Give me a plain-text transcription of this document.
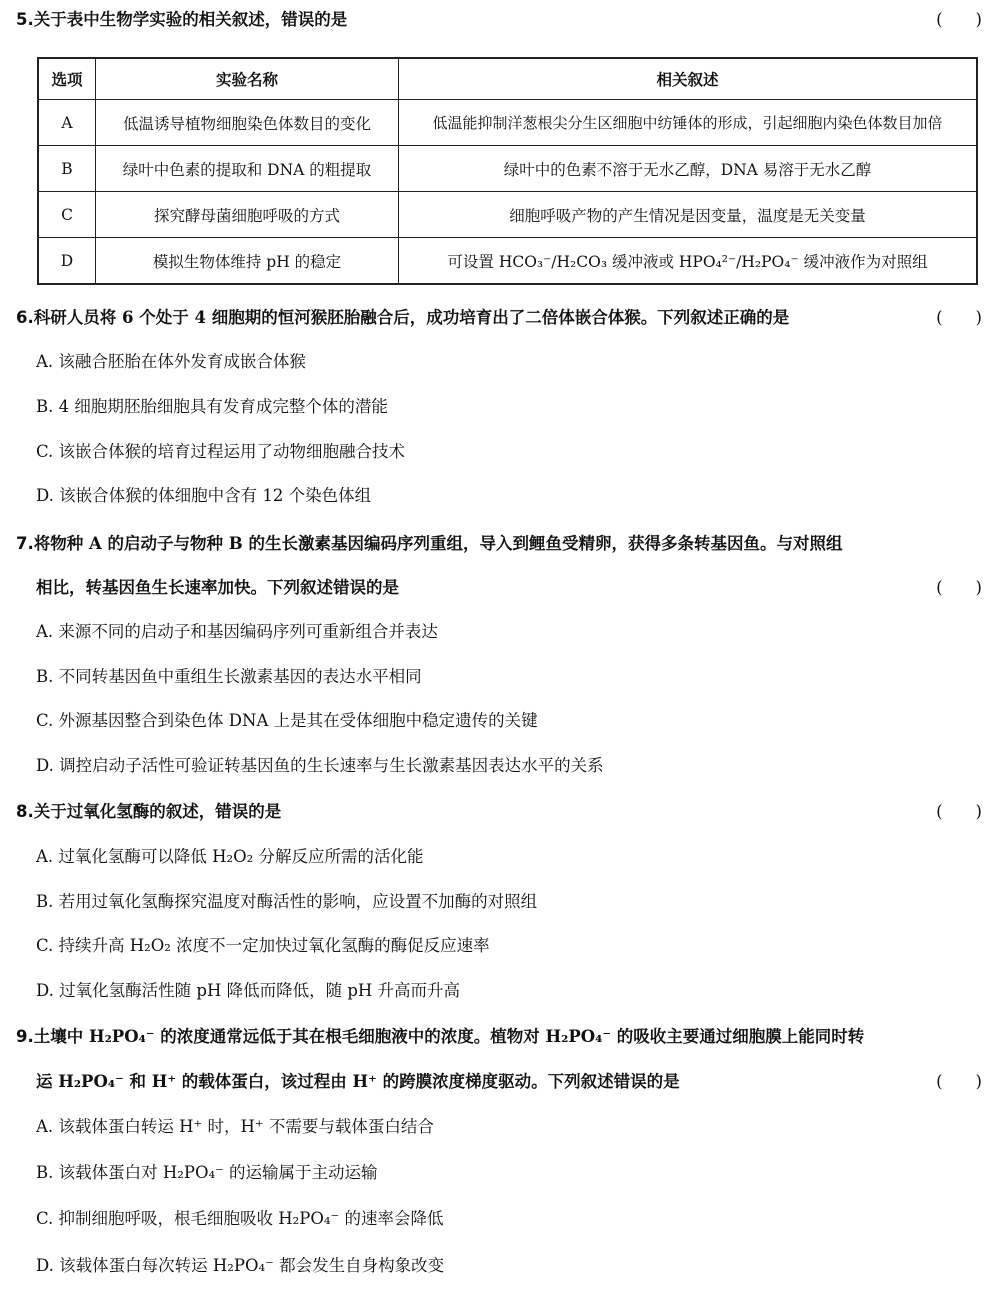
5.关于表中生物学实验的相关叙述，错误的是	(　　)
选项	实验名称	相关叙述
A	低温诱导植物细胞染色体数目的变化	低温能抑制洋葱根尖分生区细胞中纺锤体的形成，引起细胞内染色体数目加倍
B	绿叶中色素的提取和 DNA 的粗提取	绿叶中的色素不溶于无水乙醇，DNA 易溶于无水乙醇
C	探究酵母菌细胞呼吸的方式	细胞呼吸产物的产生情况是因变量，温度是无关变量
D	模拟生物体维持 pH 的稳定	可设置 HCO₃⁻/H₂CO₃ 缓冲液或 HPO₄²⁻/H₂PO₄⁻ 缓冲液作为对照组
6.科研人员将 6 个处于 4 细胞期的恒河猴胚胎融合后，成功培育出了二倍体嵌合体猴。下列叙述正确的是	(　　)
A. 该融合胚胎在体外发育成嵌合体猴
B. 4 细胞期胚胎细胞具有发育成完整个体的潜能
C. 该嵌合体猴的培育过程运用了动物细胞融合技术
D. 该嵌合体猴的体细胞中含有 12 个染色体组
7.将物种 A 的启动子与物种 B 的生长激素基因编码序列重组，导入到鲤鱼受精卵，获得多条转基因鱼。与对照组
相比，转基因鱼生长速率加快。下列叙述错误的是	(　　)
A. 来源不同的启动子和基因编码序列可重新组合并表达
B. 不同转基因鱼中重组生长激素基因的表达水平相同
C. 外源基因整合到染色体 DNA 上是其在受体细胞中稳定遗传的关键
D. 调控启动子活性可验证转基因鱼的生长速率与生长激素基因表达水平的关系
8.关于过氧化氢酶的叙述，错误的是	(　　)
A. 过氧化氢酶可以降低 H₂O₂ 分解反应所需的活化能
B. 若用过氧化氢酶探究温度对酶活性的影响，应设置不加酶的对照组
C. 持续升高 H₂O₂ 浓度不一定加快过氧化氢酶的酶促反应速率
D. 过氧化氢酶活性随 pH 降低而降低，随 pH 升高而升高
9.土壤中 H₂PO₄⁻ 的浓度通常远低于其在根毛细胞液中的浓度。植物对 H₂PO₄⁻ 的吸收主要通过细胞膜上能同时转
运 H₂PO₄⁻ 和 H⁺ 的载体蛋白，该过程由 H⁺ 的跨膜浓度梯度驱动。下列叙述错误的是	(　　)
A. 该载体蛋白转运 H⁺ 时，H⁺ 不需要与载体蛋白结合
B. 该载体蛋白对 H₂PO₄⁻ 的运输属于主动运输
C. 抑制细胞呼吸，根毛细胞吸收 H₂PO₄⁻ 的速率会降低
D. 该载体蛋白每次转运 H₂PO₄⁻ 都会发生自身构象改变
